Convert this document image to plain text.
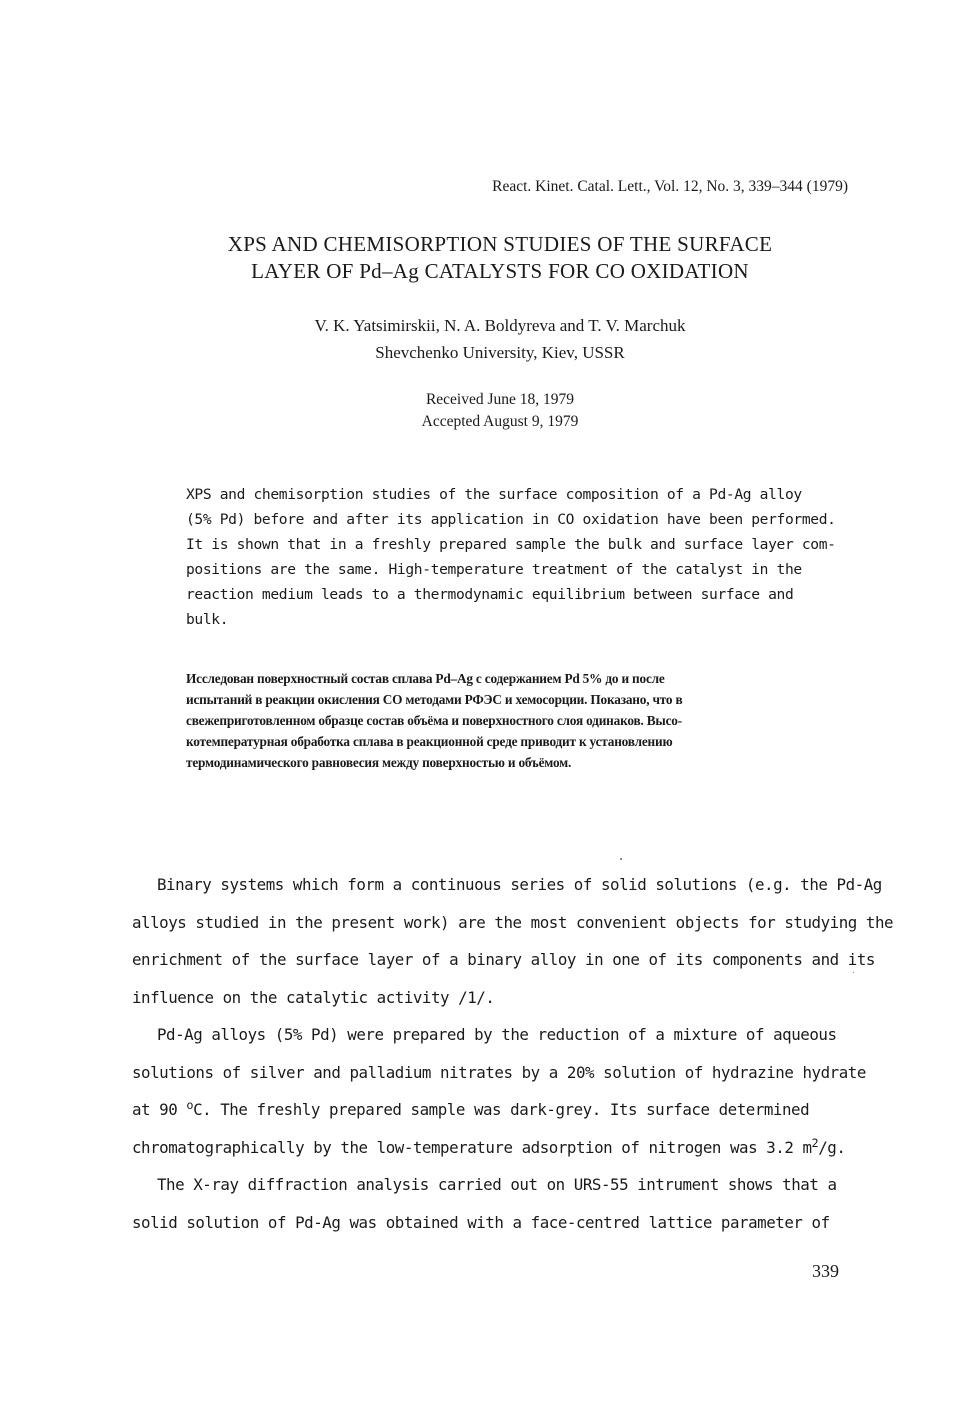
React. Kinet. Catal. Lett., Vol. 12, No. 3, 339–344 (1979)
XPS AND CHEMISORPTION STUDIES OF THE SURFACE
LAYER OF Pd–Ag CATALYSTS FOR CO OXIDATION
V. K. Yatsimirskii, N. A. Boldyreva and T. V. Marchuk
Shevchenko University, Kiev, USSR
Received June 18, 1979
Accepted August 9, 1979
XPS and chemisorption studies of the surface composition of a Pd-Ag alloy
(5% Pd) before and after its application in CO oxidation have been performed.
It is shown that in a freshly prepared sample the bulk and surface layer com-
positions are the same. High-temperature treatment of the catalyst in the
reaction medium leads to a thermodynamic equilibrium between surface and
bulk.
Исследован поверхностный состав сплава Pd–Ag с содержанием Pd 5% до и после
испытаний в реакции окисления CO методами РФЭС и хемосорции. Показано, что в
свежеприготовленном образце состав объёма и поверхностного слоя одинаков. Высо-
котемпературная обработка сплава в реакционной среде приводит к установлению
термодинамического равновесия между поверхностью и объёмом.
Binary systems which form a continuous series of solid solutions (e.g. the Pd-Ag
alloys studied in the present work) are the most convenient objects for studying the
enrichment of the surface layer of a binary alloy in one of its components and its
influence on the catalytic activity /1/.
Pd-Ag alloys (5% Pd) were prepared by the reduction of a mixture of aqueous
solutions of silver and palladium nitrates by a 20% solution of hydrazine hydrate
at 90 $^o$C. The freshly prepared sample was dark-grey. Its surface determined
chromatographically by the low-temperature adsorption of nitrogen was 3.2 $m^2/g$.
The X-ray diffraction analysis carried out on URS-55 intrument shows that a
solid solution of Pd-Ag was obtained with a face-centred lattice parameter of
339
